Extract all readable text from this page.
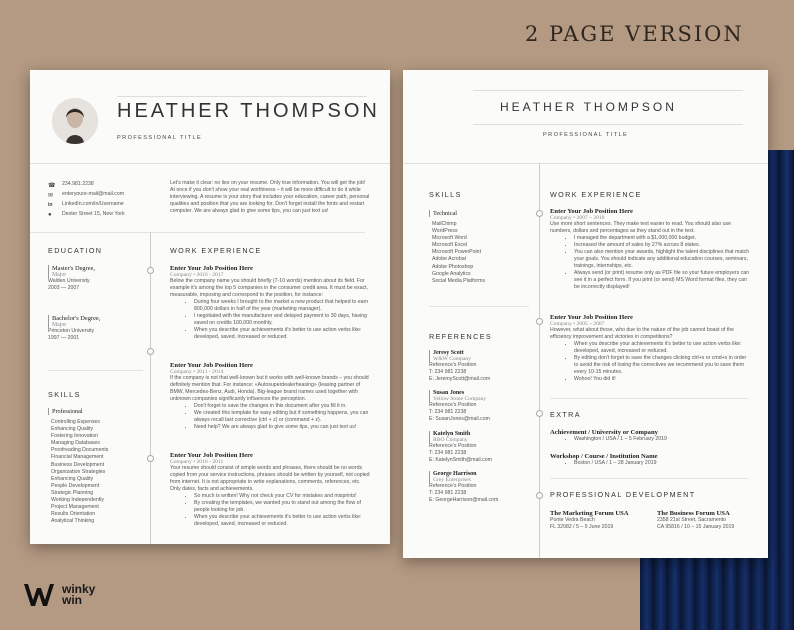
2 PAGE VERSION
HEATHER THOMPSON
PROFESSIONAL TITLE
☎	234.981.2238
✉	enteryoure-mail@mail.com
in	LinkedIn.com/in/Username
●	Dexter Street 15, New York
Let's make it clear: no lies on your resume. Only true information. You will get the job! At once if you don't show your real worthiness – it will be more difficult to do it while interviewing. A resume is your story that includes your education, career path, personal qualities and position that you are looking for. Don't forget install the fonts and restart computer. We are always glad to give some tips, you can just text us!
EDUCATION
Master's Degree,
Major
Walden University
2003 — 2007
Bachelor's Degree,
Major
Princeton University
1997 — 2001
SKILLS
Professional
Controlling Expenses
Enhancing Quality
Fostering Innovation
Managing Databases
Proofreading Documents
Financial Management
Business Development
Organization Strategies
Enhancing Quality
People Development
Strategic Planning
Working Independently
Project Management
Results Orientation
Analytical Thinking
WORK EXPERIENCE
Enter Your Job Position Here
Company • 2016 - 2017
Below the company name you should briefly (7-10 words) mention about its field. For example it's among the top 5 companies in the consumer credit area. It must be exact, measurable, imposing and correspond to the position, for instance:
• During four weeks I brought to the market a new product that helped to earn 800,000 dollars in half of the year (marketing manager).
• I negotiated with the manufacturer and delayed payment to 30 days, having saved on credits 100,000 monthly.
• When you describe your achievements it's better to use action verbs like: developed, saved, increased or reduced.
Enter Your Job Position Here
Company • 2011 - 2014
If the company is not that well-known but it works with well-known brands – you should definitely mention that. For instance: «Autosuperdealerheasing» (leasing partner of BMW, Mercedes-Benz, Audi, Honda). Big-league brand names used together with unknown companies significantly influences the perception.
• Don't forget to save the changes in this document after you fill it in.
• We created this template for easy editing but if something happens, you can always recall last corrective (ctrl + z) or (command + z).
• Need help? We are always glad to give some tips, you can just text us!
Enter Your Job Position Here
Company • 2010 - 2011
Your resume should consist of simple words and phrases, there should be no words copied from your service instructions, phrases should be written by yourself, not copied from internet. It is not appropriate to write explanations, comments, references, etc. Only dates, facts and achievements.
• So much is written! Why not check your CV for mistakes and misprints!
• By creating the templates, we wanted you to stand out among the flow of people looking for job.
• When you describe your achievements it's better to use action verbs like: developed, saved, increased or reduced.
HEATHER THOMPSON
PROFESSIONAL TITLE
SKILLS
Technical
MailChimp
WordPress
Microsoft Word
Microsoft Excel
Microsoft PowerPoint
Adobe Acrobat
Adobe Photoshop
Google Analytics
Social Media Platforms
REFERENCES
Jeresy Scott
W&W Company
Reference's Position
T: 234 981 2238
E: JeremyScott@mail.com
Susan Jones
Yellow Stone Company
Reference's Position
T: 234 981 2238
E: SusanJones@mail.com
Katelyn Smith
RBO Company
Reference's Position
T: 234 981 2238
E: KatelynSmith@mail.com
George Harrison
Grey Enterprises
Reference's Position
T: 234 981 2238
E: GeorgeHarrison@mail.com
WORK EXPERIENCE
Enter Your Job Position Here
Company • 2007 – 2010
Use more short sentences. They make text easier to read. You should also use numbers, dollars and percentages as they stand out in the text.
• I managed the department with a $1,000,000 budget.
• Increased the amount of sales by 27% across 8 states.
• You can also mention your awards, highlight the talent disciplines that match your goals. You should indicate any additional education courses, seminars, trainings, internships, etc.
• Always send (or print) resume only as PDF file so your future employers can see it in a perfect form. If you print (or send) MS Word format files, they can be incorrectly displayed!
Enter Your Job Position Here
Company • 2005 – 2007
However, what about those, who due to the nature of the job cannot boast of the efficiency improvement and victories in competitions?
• When you describe your achievements it's better to use action verbs like: developed, saved, increased or reduced.
• By editing don't forget to save the changes clicking ctrl+s or cmd+s in order to avoid the risk of losing the correctives we recommend you to save them every 10-15 minutes.
• Wohoo! You did it!
EXTRA
Achievement / University or Company
• Washington / USA / 1 – 5 February 2019
Workshop / Course / Institution Name
• Boston / USA / 1 – 28 January 2019
PROFESSIONAL DEVELOPMENT
The Marketing Forum USA
Ponte Vedra Beach
FL 32082 / 5 – 5 June 2019
The Business Forum USA
2358 21st Street, Sacramento
CA 95816 / 10 – 15 January 2019
winky
win
